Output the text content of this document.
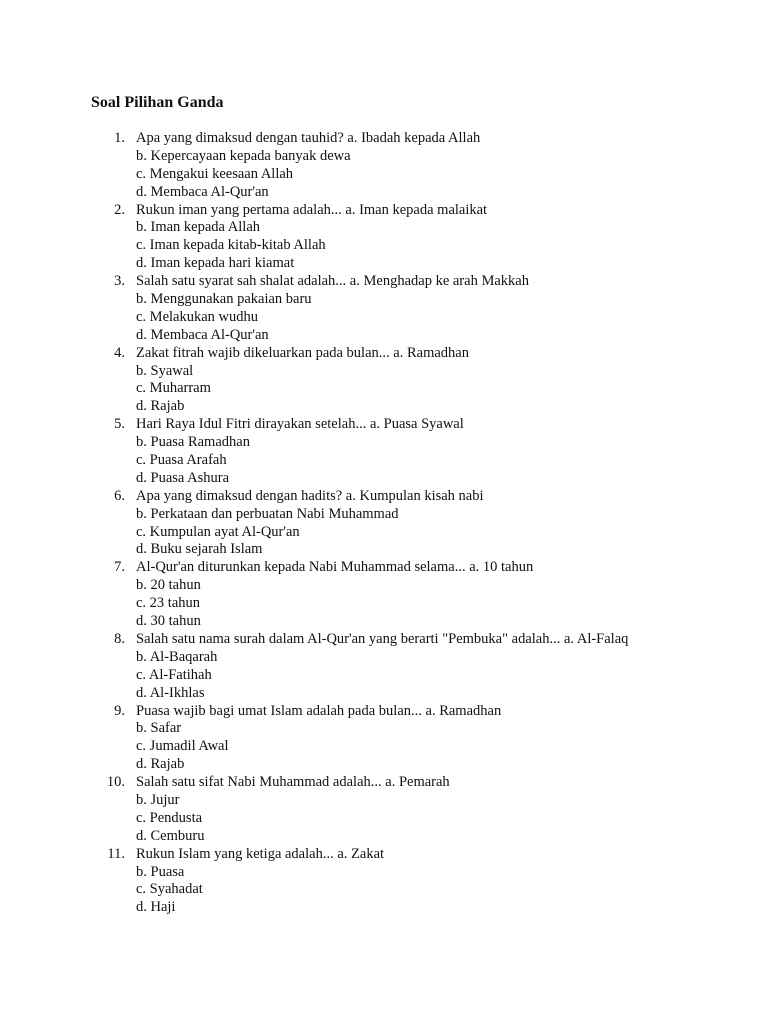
Soal Pilihan Ganda
1. Apa yang dimaksud dengan tauhid? a. Ibadah kepada Allah
b. Kepercayaan kepada banyak dewa
c. Mengakui keesaan Allah
d. Membaca Al-Qur'an
2. Rukun iman yang pertama adalah... a. Iman kepada malaikat
b. Iman kepada Allah
c. Iman kepada kitab-kitab Allah
d. Iman kepada hari kiamat
3. Salah satu syarat sah shalat adalah... a. Menghadap ke arah Makkah
b. Menggunakan pakaian baru
c. Melakukan wudhu
d. Membaca Al-Qur'an
4. Zakat fitrah wajib dikeluarkan pada bulan... a. Ramadhan
b. Syawal
c. Muharram
d. Rajab
5. Hari Raya Idul Fitri dirayakan setelah... a. Puasa Syawal
b. Puasa Ramadhan
c. Puasa Arafah
d. Puasa Ashura
6. Apa yang dimaksud dengan hadits? a. Kumpulan kisah nabi
b. Perkataan dan perbuatan Nabi Muhammad
c. Kumpulan ayat Al-Qur'an
d. Buku sejarah Islam
7. Al-Qur'an diturunkan kepada Nabi Muhammad selama... a. 10 tahun
b. 20 tahun
c. 23 tahun
d. 30 tahun
8. Salah satu nama surah dalam Al-Qur'an yang berarti "Pembuka" adalah... a. Al-Falaq
b. Al-Baqarah
c. Al-Fatihah
d. Al-Ikhlas
9. Puasa wajib bagi umat Islam adalah pada bulan... a. Ramadhan
b. Safar
c. Jumadil Awal
d. Rajab
10. Salah satu sifat Nabi Muhammad adalah... a. Pemarah
b. Jujur
c. Pendusta
d. Cemburu
11. Rukun Islam yang ketiga adalah... a. Zakat
b. Puasa
c. Syahadat
d. Haji
